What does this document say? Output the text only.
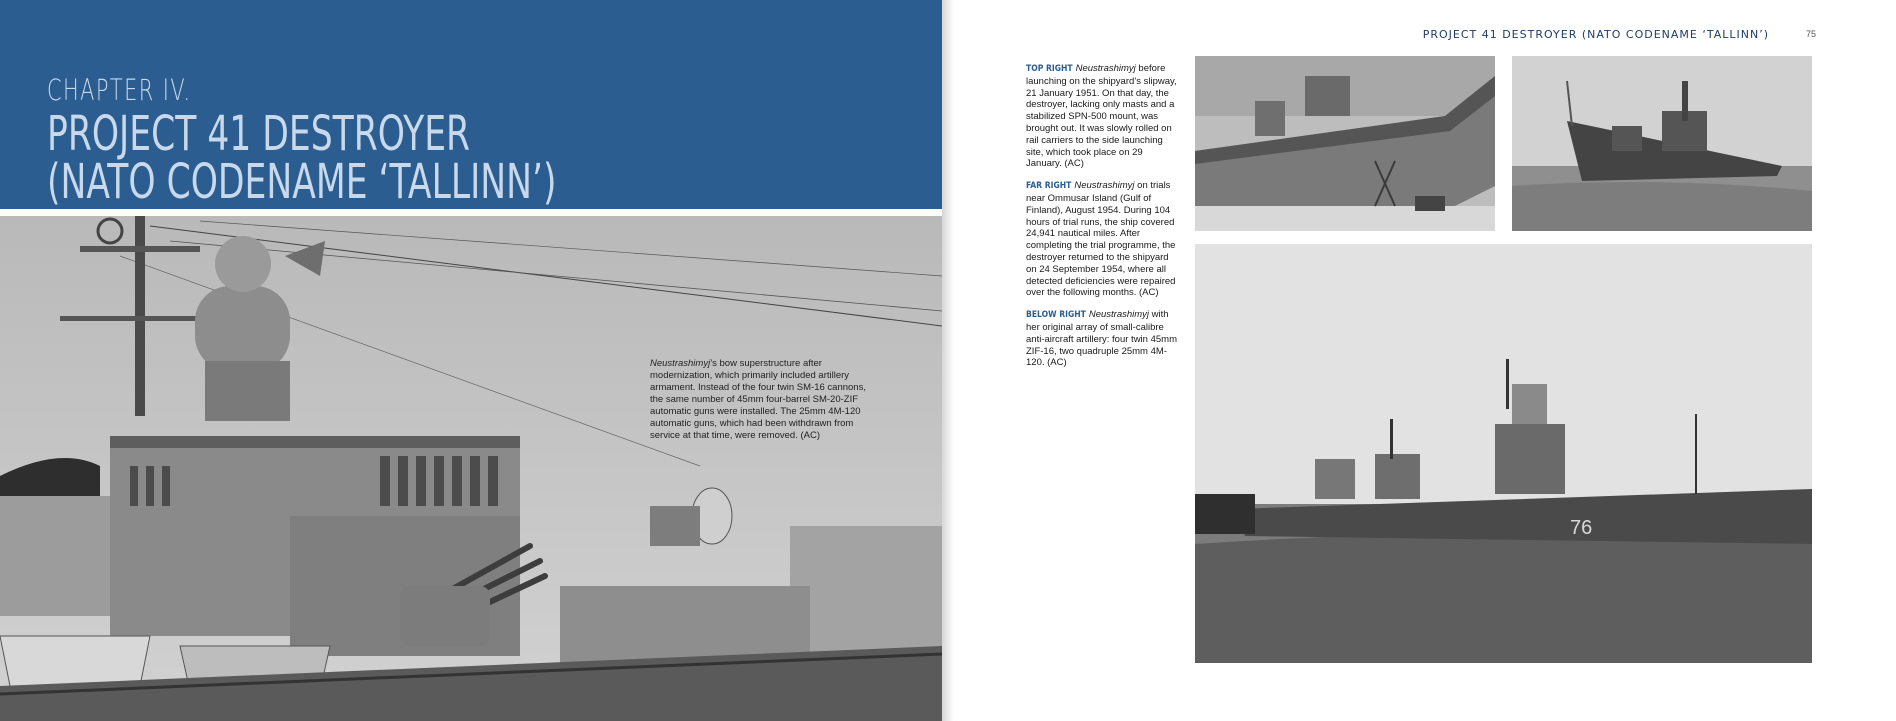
CHAPTER IV.
PROJECT 41 DESTROYER
(NATO CODENAME ‘TALLINN’)
Neustrashimyj’s bow superstructure after modernization, which primarily included artillery armament. Instead of the four twin SM-16 cannons, the same number of 45mm four-barrel SM-20-ZIF automatic guns were installed. The 25mm 4M-120 automatic guns, which had been withdrawn from service at that time, were removed. (AC)
PROJECT 41 DESTROYER (NATO CODENAME ‘TALLINN’)	75

TOP RIGHT Neustrashimyj before launching on the shipyard’s slipway, 21 January 1951. On that day, the destroyer, lacking only masts and a stabilized SPN-500 mount, was brought out. It was slowly rolled on rail carriers to the side launching site, which took place on 29 January. (AC)

FAR RIGHT Neustrashimyj on trials near Ommusar Island (Gulf of Finland), August 1954. During 104 hours of trial runs, the ship covered 24,941 nautical miles. After completing the trial programme, the destroyer returned to the shipyard on 24 September 1954, where all detected deficiencies were repaired over the following months. (AC)

BELOW RIGHT Neustrashimyj with her original array of small-calibre anti-aircraft artillery: four twin 45mm ZIF-16, two quadruple 25mm 4M-120. (AC)

76
